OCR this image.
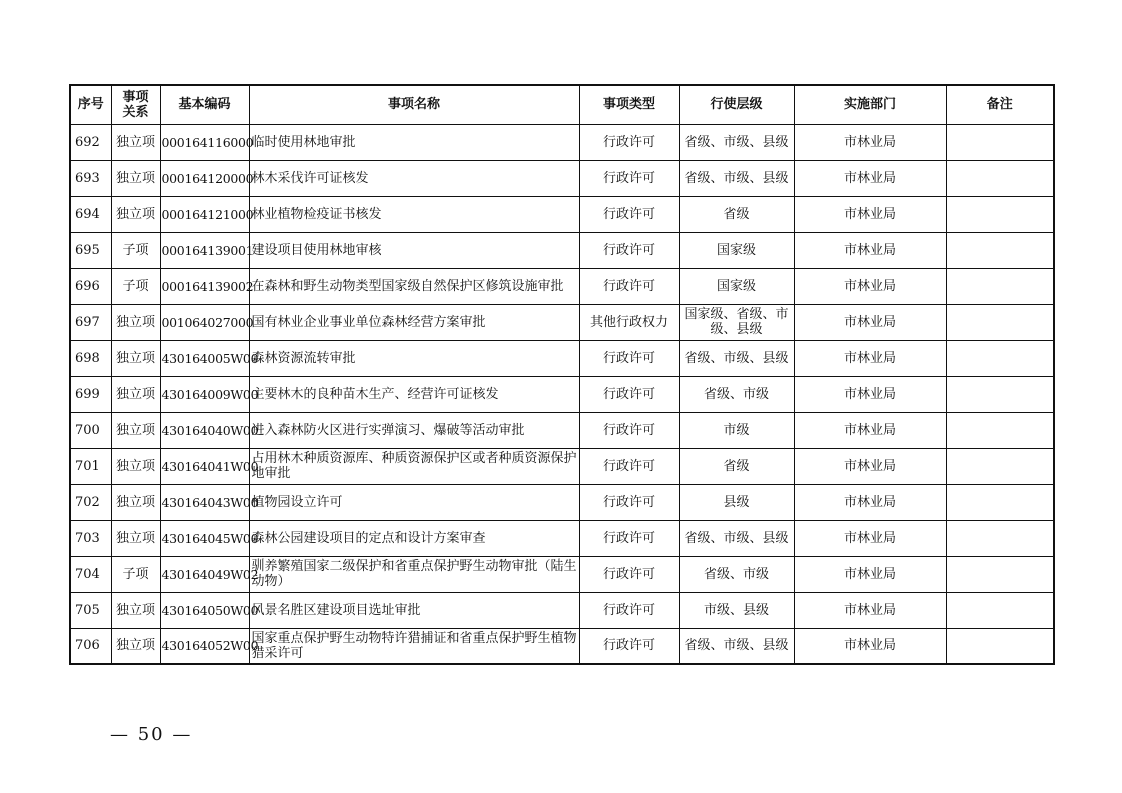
序号	事项关系	基本编码	事项名称	事项类型	行使层级	实施部门	备注
692	独立项	000164116000	临时使用林地审批	行政许可	省级、市级、县级	市林业局	
693	独立项	000164120000	林木采伐许可证核发	行政许可	省级、市级、县级	市林业局	
694	独立项	000164121000	林业植物检疫证书核发	行政许可	省级	市林业局	
695	子项	000164139001	建设项目使用林地审核	行政许可	国家级	市林业局	
696	子项	000164139002	在森林和野生动物类型国家级自然保护区修筑设施审批	行政许可	国家级	市林业局	
697	独立项	001064027000	国有林业企业事业单位森林经营方案审批	其他行政权力	国家级、省级、市级、县级	市林业局	
698	独立项	430164005W00	森林资源流转审批	行政许可	省级、市级、县级	市林业局	
699	独立项	430164009W00	主要林木的良种苗木生产、经营许可证核发	行政许可	省级、市级	市林业局	
700	独立项	430164040W00	进入森林防火区进行实弹演习、爆破等活动审批	行政许可	市级	市林业局	
701	独立项	430164041W00	占用林木种质资源库、种质资源保护区或者种质资源保护地审批	行政许可	省级	市林业局	
702	独立项	430164043W00	植物园设立许可	行政许可	县级	市林业局	
703	独立项	430164045W00	森林公园建设项目的定点和设计方案审查	行政许可	省级、市级、县级	市林业局	
704	子项	430164049W02	驯养繁殖国家二级保护和省重点保护野生动物审批（陆生动物）	行政许可	省级、市级	市林业局	
705	独立项	430164050W00	风景名胜区建设项目选址审批	行政许可	市级、县级	市林业局	
706	独立项	430164052W00	国家重点保护野生动物特许猎捕证和省重点保护野生植物猎采许可	行政许可	省级、市级、县级	市林业局	
— 50 —
